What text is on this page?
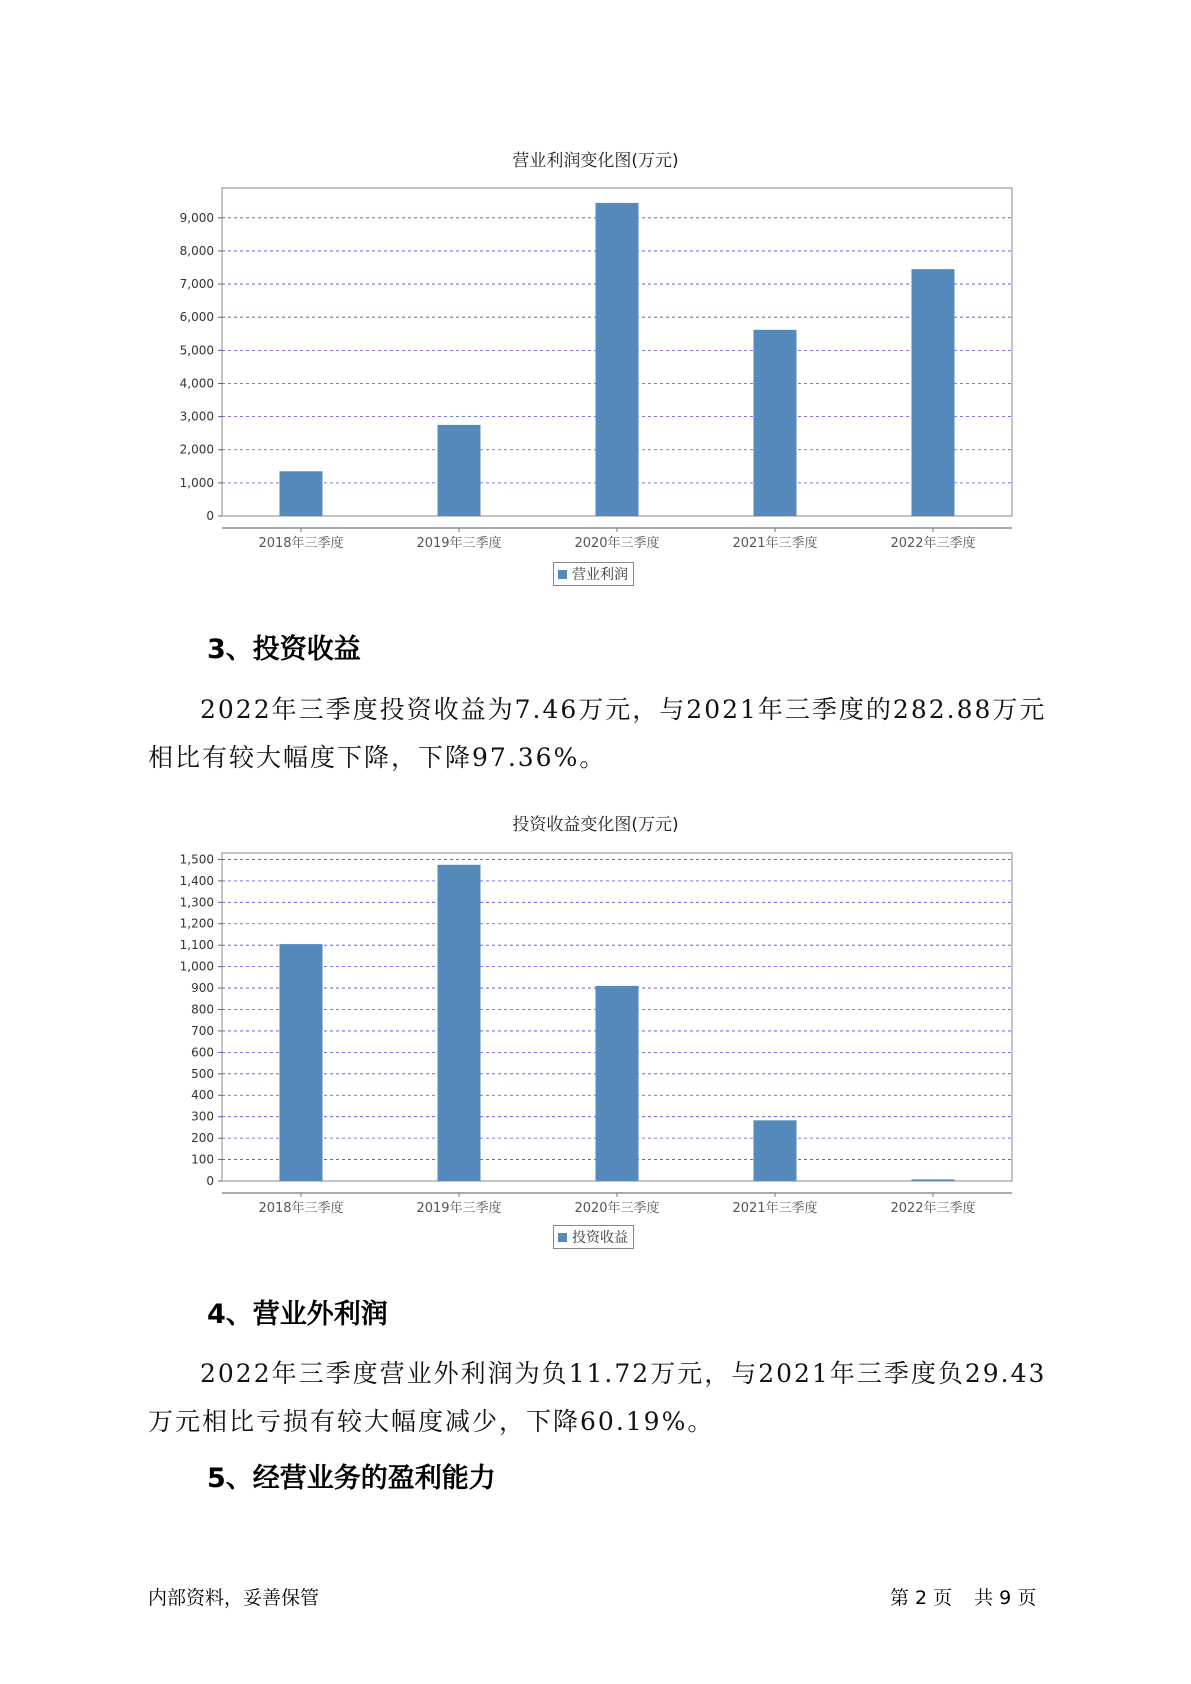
营业利润变化图(万元)
0
1,000
2,000
3,000
4,000
5,000
6,000
7,000
8,000
9,000
2018年三季度	2019年三季度	2020年三季度	2021年三季度	2022年三季度
营业利润
3、投资收益
2022年三季度投资收益为7.46万元，与2021年三季度的282.88万元相比有较大幅度下降，下降97.36%。
投资收益变化图(万元)
0
100
200
300
400
500
600
700
800
900
1,000
1,100
1,200
1,300
1,400
1,500
2018年三季度	2019年三季度	2020年三季度	2021年三季度	2022年三季度
投资收益
4、营业外利润
2022年三季度营业外利润为负11.72万元，与2021年三季度负29.43万元相比亏损有较大幅度减少，下降60.19%。
5、经营业务的盈利能力
内部资料，妥善保管	第 2 页 共 9 页
